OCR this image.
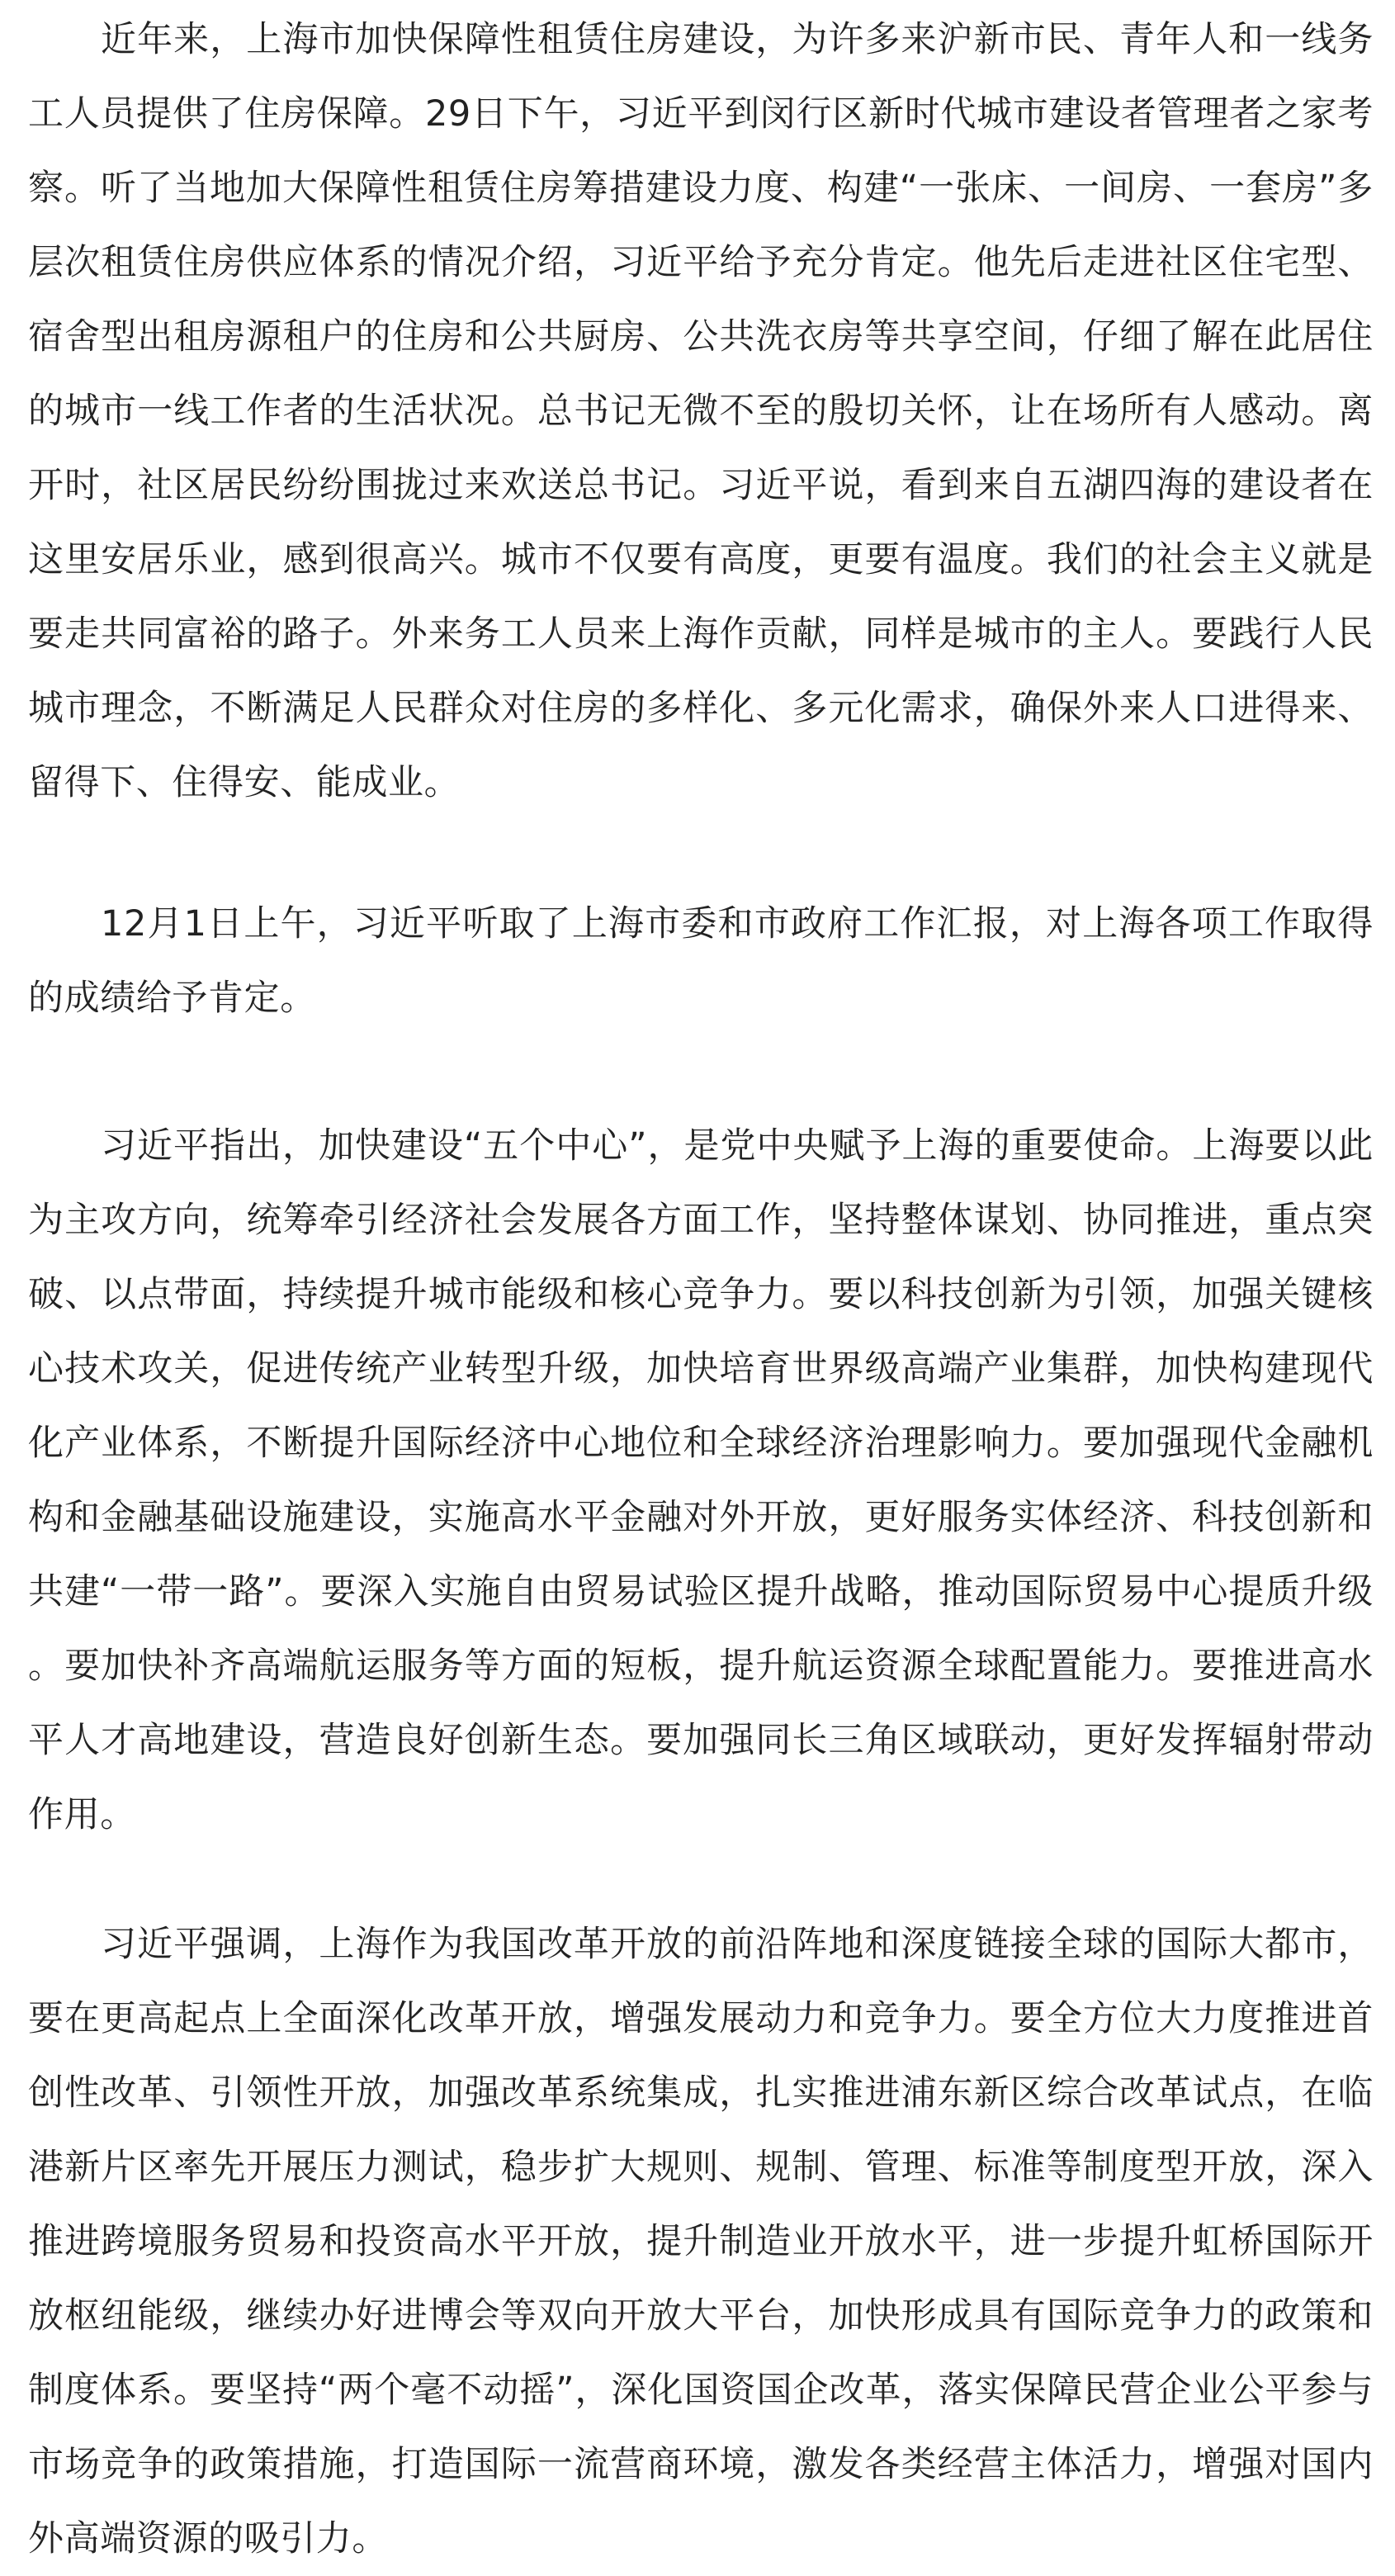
近年来，上海市加快保障性租赁住房建设，为许多来沪新市民、青年人和一线务工人员提供了住房保障。29日下午，习近平到闵行区新时代城市建设者管理者之家考察。听了当地加大保障性租赁住房筹措建设力度、构建“一张床、一间房、一套房”多层次租赁住房供应体系的情况介绍，习近平给予充分肯定。他先后走进社区住宅型、宿舍型出租房源租户的住房和公共厨房、公共洗衣房等共享空间，仔细了解在此居住的城市一线工作者的生活状况。总书记无微不至的殷切关怀，让在场所有人感动。离开时，社区居民纷纷围拢过来欢送总书记。习近平说，看到来自五湖四海的建设者在这里安居乐业，感到很高兴。城市不仅要有高度，更要有温度。我们的社会主义就是要走共同富裕的路子。外来务工人员来上海作贡献，同样是城市的主人。要践行人民城市理念，不断满足人民群众对住房的多样化、多元化需求，确保外来人口进得来、留得下、住得安、能成业。

12月1日上午，习近平听取了上海市委和市政府工作汇报，对上海各项工作取得的成绩给予肯定。

习近平指出，加快建设“五个中心”，是党中央赋予上海的重要使命。上海要以此为主攻方向，统筹牵引经济社会发展各方面工作，坚持整体谋划、协同推进，重点突破、以点带面，持续提升城市能级和核心竞争力。要以科技创新为引领，加强关键核心技术攻关，促进传统产业转型升级，加快培育世界级高端产业集群，加快构建现代化产业体系，不断提升国际经济中心地位和全球经济治理影响力。要加强现代金融机构和金融基础设施建设，实施高水平金融对外开放，更好服务实体经济、科技创新和共建“一带一路”。要深入实施自由贸易试验区提升战略，推动国际贸易中心提质升级。要加快补齐高端航运服务等方面的短板，提升航运资源全球配置能力。要推进高水平人才高地建设，营造良好创新生态。要加强同长三角区域联动，更好发挥辐射带动作用。

习近平强调，上海作为我国改革开放的前沿阵地和深度链接全球的国际大都市，要在更高起点上全面深化改革开放，增强发展动力和竞争力。要全方位大力度推进首创性改革、引领性开放，加强改革系统集成，扎实推进浦东新区综合改革试点，在临港新片区率先开展压力测试，稳步扩大规则、规制、管理、标准等制度型开放，深入推进跨境服务贸易和投资高水平开放，提升制造业开放水平，进一步提升虹桥国际开放枢纽能级，继续办好进博会等双向开放大平台，加快形成具有国际竞争力的政策和制度体系。要坚持“两个毫不动摇”，深化国资国企改革，落实保障民营企业公平参与市场竞争的政策措施，打造国际一流营商环境，激发各类经营主体活力，增强对国内外高端资源的吸引力。
